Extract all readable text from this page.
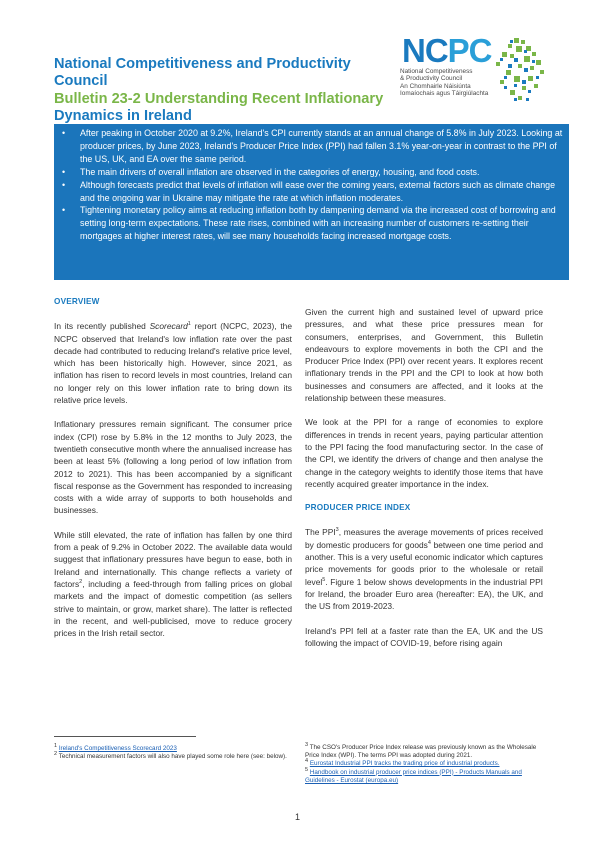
National Competitiveness and Productivity Council
Bulletin 23-2 Understanding Recent Inflationary
Dynamics in Ireland
NCPC
National Competitiveness
& Productivity Council
An Chomhairle Náisiúnta
Iomaíochais agus Táirgiúlachta
• After peaking in October 2020 at 9.2%, Ireland's CPI currently stands at an annual change of 5.8% in July 2023. Looking at producer prices, by June 2023, Ireland's Producer Price Index (PPI) had fallen 3.1% year-on-year in contrast to the PPI of the US, UK, and EA over the same period.
• The main drivers of overall inflation are observed in the categories of energy, housing, and food costs.
• Although forecasts predict that levels of inflation will ease over the coming years, external factors such as climate change and the ongoing war in Ukraine may mitigate the rate at which inflation moderates.
• Tightening monetary policy aims at reducing inflation both by dampening demand via the increased cost of borrowing and setting long-term expectations. These rate rises, combined with an increasing number of customers re-setting their mortgages at higher interest rates, will see many households facing increased mortgage costs.
OVERVIEW

In its recently published Scorecard$^1$ report (NCPC, 2023), the NCPC observed that Ireland's low inflation rate over the past decade had contributed to reducing Ireland's relative price level, which has been historically high. However, since 2021, as inflation has risen to record levels in most countries, Ireland can no longer rely on this lower inflation rate to bring down its relative price levels.

Inflationary pressures remain significant. The consumer price index (CPI) rose by 5.8% in the 12 months to July 2023, the twentieth consecutive month where the annualised increase has been at least 5% (following a long period of low inflation from 2012 to 2021). This has been accompanied by a significant fiscal response as the Government has responded to increasing costs with a wide array of supports to both households and businesses.

While still elevated, the rate of inflation has fallen by one third from a peak of 9.2% in October 2022. The available data would suggest that inflationary pressures have begun to ease, both in Ireland and internationally. This change reflects a variety of factors$^2$, including a feed-through from falling prices on global markets and the impact of domestic competition (as sellers strive to maintain, or grow, market share). The latter is reflected in the recent, and well-publicised, move to reduce grocery prices in the Irish retail sector.

Given the current high and sustained level of upward price pressures, and what these price pressures mean for consumers, enterprises, and Government, this Bulletin endeavours to explore movements in both the CPI and the Producer Price Index (PPI) over recent years. It explores recent inflationary trends in the PPI and the CPI to look at how both businesses and consumers are affected, and it looks at the relationship between these measures.

We look at the PPI for a range of economies to explore differences in trends in recent years, paying particular attention to the PPI facing the food manufacturing sector. In the case of the CPI, we identify the drivers of change and then analyse the change in the category weights to identify those items that have recently acquired greater importance in the index.

PRODUCER PRICE INDEX

The PPI$^3$, measures the average movements of prices received by domestic producers for goods$^4$ between one time period and another. This is a very useful economic indicator which captures price movements for goods prior to the wholesale or retail level$^5$. Figure 1 below shows developments in the industrial PPI for Ireland, the broader Euro area (hereafter: EA), the UK, and the US from 2019-2023.

Ireland's PPI fell at a faster rate than the EA, UK and the US following the impact of COVID-19, before rising again

$^1$ Ireland's Competitiveness Scorecard 2023
$^2$ Technical measurement factors will also have played some role here (see: below).
$^3$ The CSO's Producer Price Index release was previously known as the Wholesale Price Index (WPI). The terms PPI was adopted during 2021.
$^4$ Eurostat Industrial PPI tracks the trading price of industrial products.
$^5$ Handbook on industrial producer price indices (PPI) - Products Manuals and Guidelines - Eurostat (europa.eu)
1
